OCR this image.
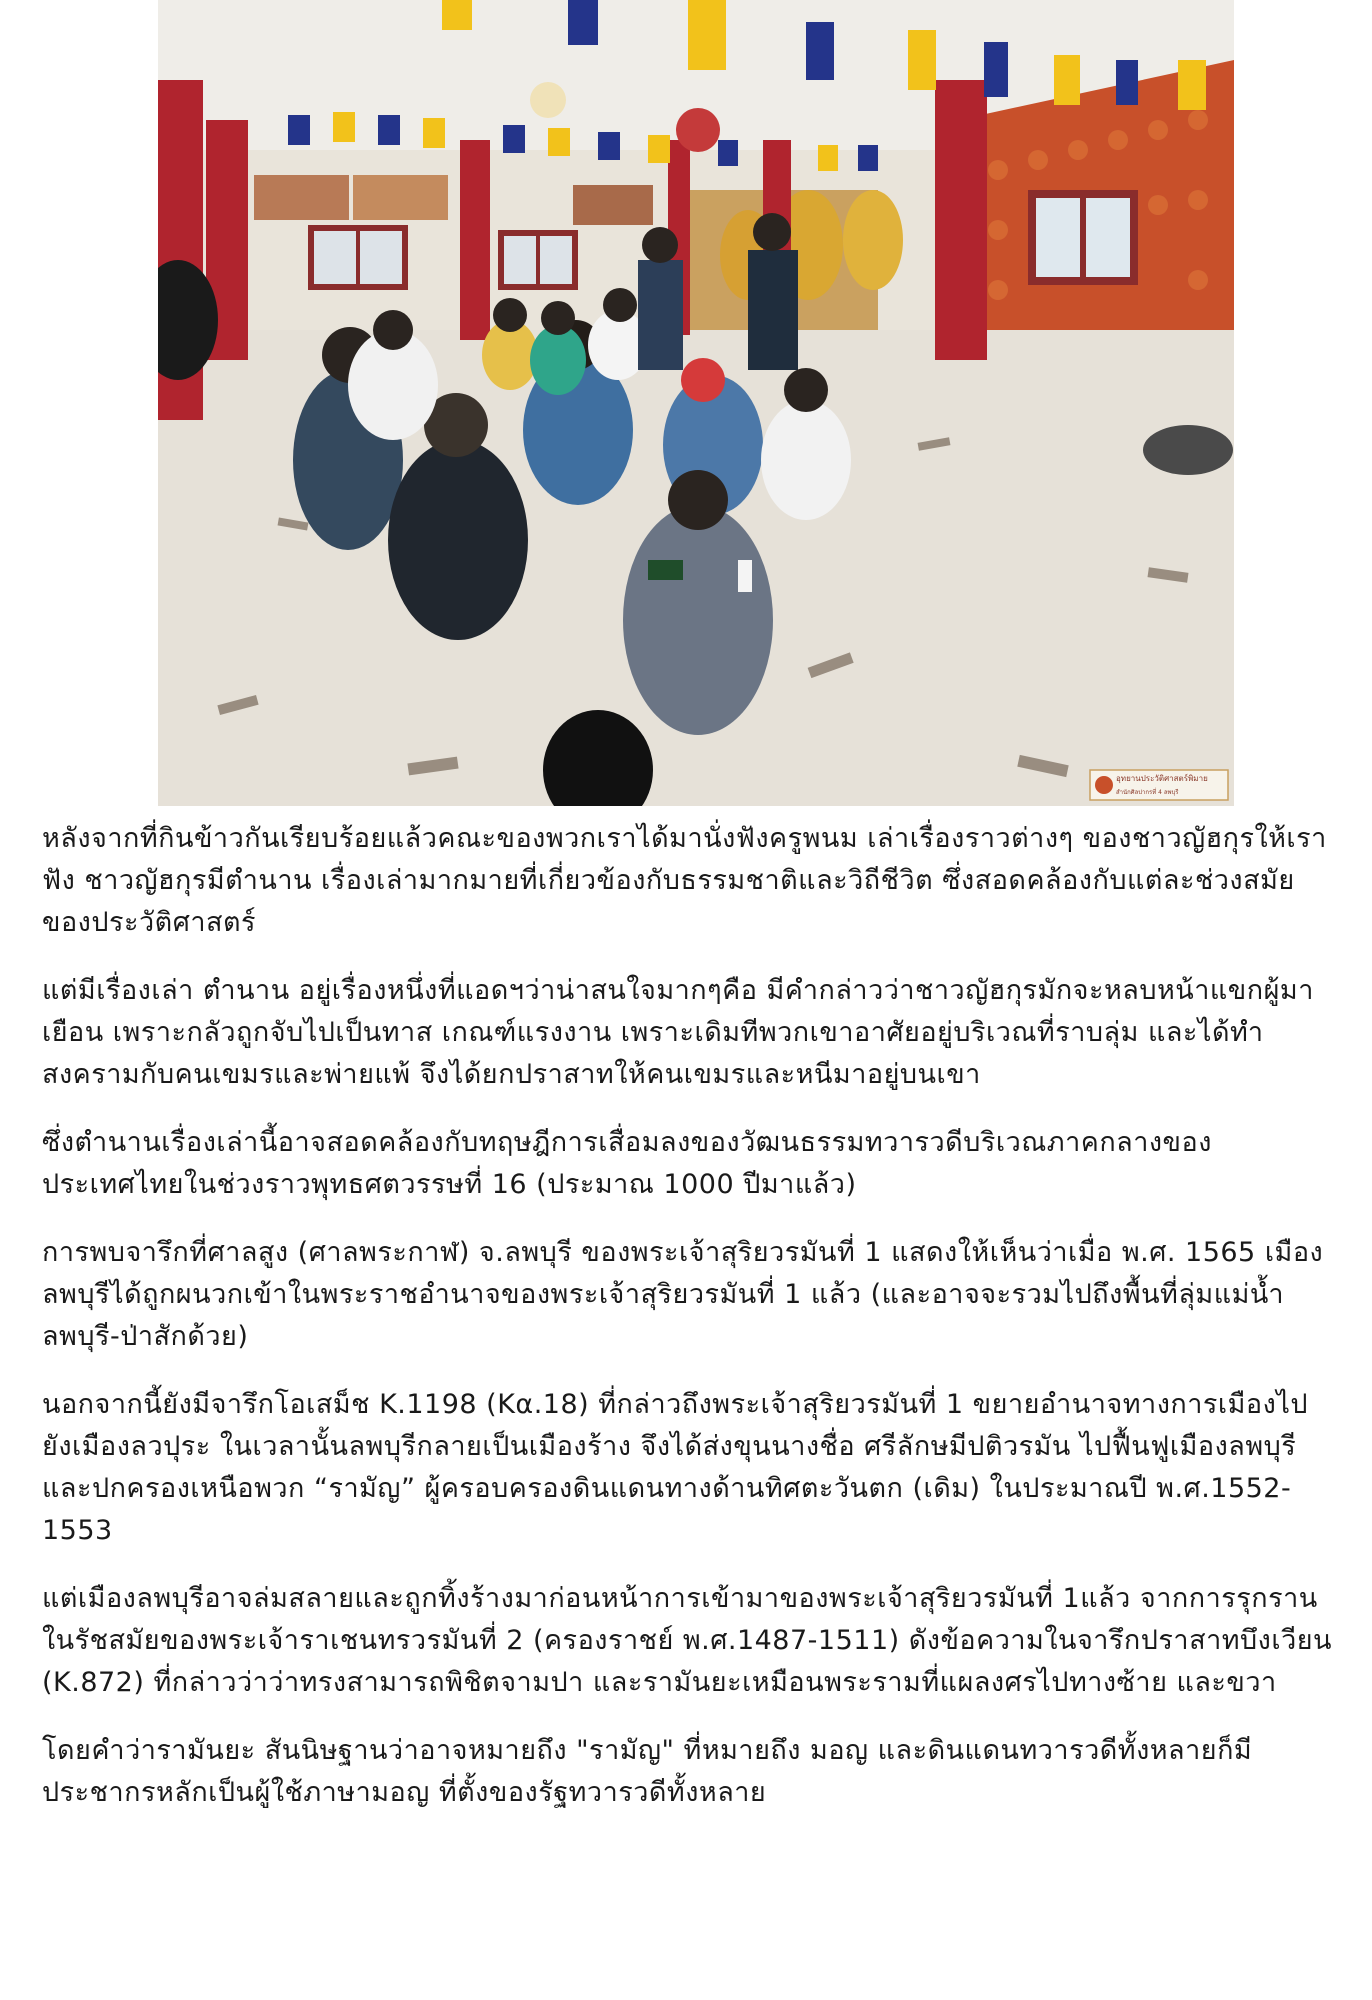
อุทยานประวัติศาสตร์พิมาย
สำนักศิลปากรที่ 4 ลพบุรี

หลังจากที่กินข้าวกันเรียบร้อยแล้วคณะของพวกเราได้มานั่งฟังครูพนม เล่าเรื่องราวต่างๆ ของชาวญัฮกุรให้เราฟัง ชาวญัฮกุรมีตำนาน เรื่องเล่ามากมายที่เกี่ยวข้องกับธรรมชาติและวิถีชีวิต ซึ่งสอดคล้องกับแต่ละช่วงสมัยของประวัติศาสตร์

แต่มีเรื่องเล่า ตำนาน อยู่เรื่องหนึ่งที่แอดฯว่าน่าสนใจมากๆคือ มีคำกล่าวว่าชาวญัฮกุรมักจะหลบหน้าแขกผู้มาเยือน เพราะกลัวถูกจับไปเป็นทาส เกณฑ์แรงงาน เพราะเดิมทีพวกเขาอาศัยอยู่บริเวณที่ราบลุ่ม และได้ทำสงครามกับคนเขมรและพ่ายแพ้ จึงได้ยกปราสาทให้คนเขมรและหนีมาอยู่บนเขา

ซึ่งตำนานเรื่องเล่านี้อาจสอดคล้องกับทฤษฎีการเสื่อมลงของวัฒนธรรมทวารวดีบริเวณภาคกลางของประเทศไทยในช่วงราวพุทธศตวรรษที่ 16 (ประมาณ 1000 ปีมาแล้ว)

การพบจารึกที่ศาลสูง (ศาลพระกาฬ) จ.ลพบุรี ของพระเจ้าสุริยวรมันที่ 1 แสดงให้เห็นว่าเมื่อ พ.ศ. 1565 เมืองลพบุรีได้ถูกผนวกเข้าในพระราชอำนาจของพระเจ้าสุริยวรมันที่ 1 แล้ว (และอาจจะรวมไปถึงพื้นที่ลุ่มแม่น้ำลพบุรี-ป่าสักด้วย)

นอกจากนี้ยังมีจารึกโอเสม็ช K.1198 (Kα.18) ที่กล่าวถึงพระเจ้าสุริยวรมันที่ 1 ขยายอำนาจทางการเมืองไปยังเมืองลวปุระ ในเวลานั้นลพบุรีกลายเป็นเมืองร้าง จึงได้ส่งขุนนางชื่อ ศรีลักษมีปติวรมัน ไปฟื้นฟูเมืองลพบุรีและปกครองเหนือพวก “รามัญ” ผู้ครอบครองดินแดนทางด้านทิศตะวันตก (เดิม) ในประมาณปี พ.ศ.1552-1553

แต่เมืองลพบุรีอาจล่มสลายและถูกทิ้งร้างมาก่อนหน้าการเข้ามาของพระเจ้าสุริยวรมันที่ 1แล้ว จากการรุกรานในรัชสมัยของพระเจ้าราเชนทรวรมันที่ 2 (ครองราชย์ พ.ศ.1487-1511) ดังข้อความในจารึกปราสาทบึงเวียน (K.872) ที่กล่าวว่าว่าทรงสามารถพิชิตจามปา และรามันยะเหมือนพระรามที่แผลงศรไปทางซ้าย และขวา

โดยคำว่ารามันยะ สันนิษฐานว่าอาจหมายถึง "รามัญ" ที่หมายถึง มอญ และดินแดนทวารวดีทั้งหลายก็มีประชากรหลักเป็นผู้ใช้ภาษามอญ ที่ตั้งของรัฐทวารวดีทั้งหลาย
